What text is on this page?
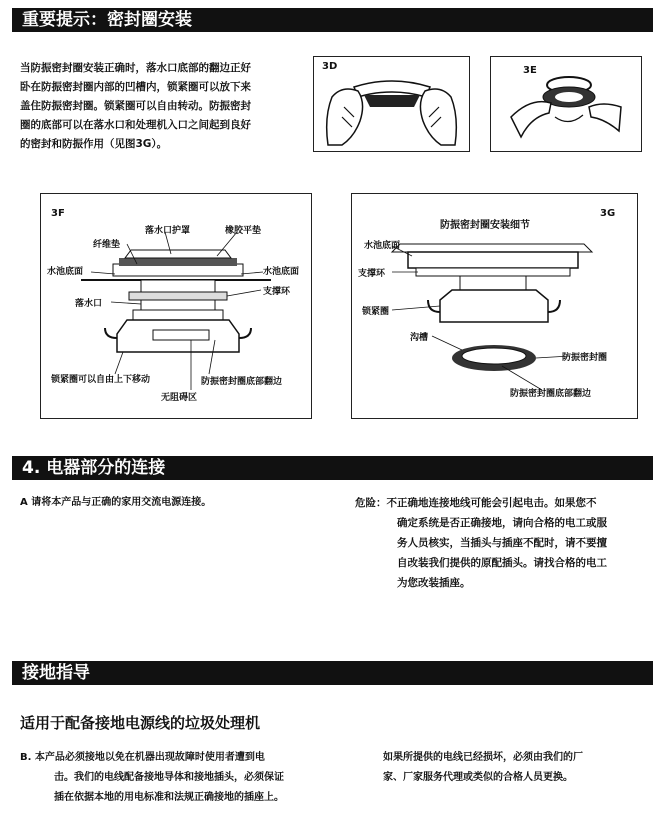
重要提示：密封圈安装
当防振密封圈安装正确时，落水口底部的翻边正好
卧在防振密封圈内部的凹槽内，锁紧圈可以放下来
盖住防振密封圈。锁紧圈可以自由转动。防振密封
圈的底部可以在落水口和处理机入口之间起到良好
的密封和防振作用（见图3G）。
3D	3E
3F
落水口护罩	橡胶平垫
纤维垫
水池底面	水池底面
支撑环
落水口
锁紧圈可以自由上下移动
无阻碍区
防振密封圈底部翻边
3G
防振密封圈安装细节
水池底面
支撑环
锁紧圈
沟槽
防振密封圈
防振密封圈底部翻边
4. 电器部分的连接
A 请将本产品与正确的家用交流电源连接。	危险：不正确地连接地线可能会引起电击。如果您不
确定系统是否正确接地，请向合格的电工或服
务人员核实，当插头与插座不配时，请不要擅
自改装我们提供的原配插头。请找合格的电工
为您改装插座。
接地指导
适用于配备接地电源线的垃圾处理机
B. 本产品必须接地以免在机器出现故障时使用者遭到电
击。我们的电线配备接地导体和接地插头，必须保证
插在依据本地的用电标准和法规正确接地的插座上。
如果所提供的电线已经损坏，必须由我们的厂
家、厂家服务代理或类似的合格人员更换。
